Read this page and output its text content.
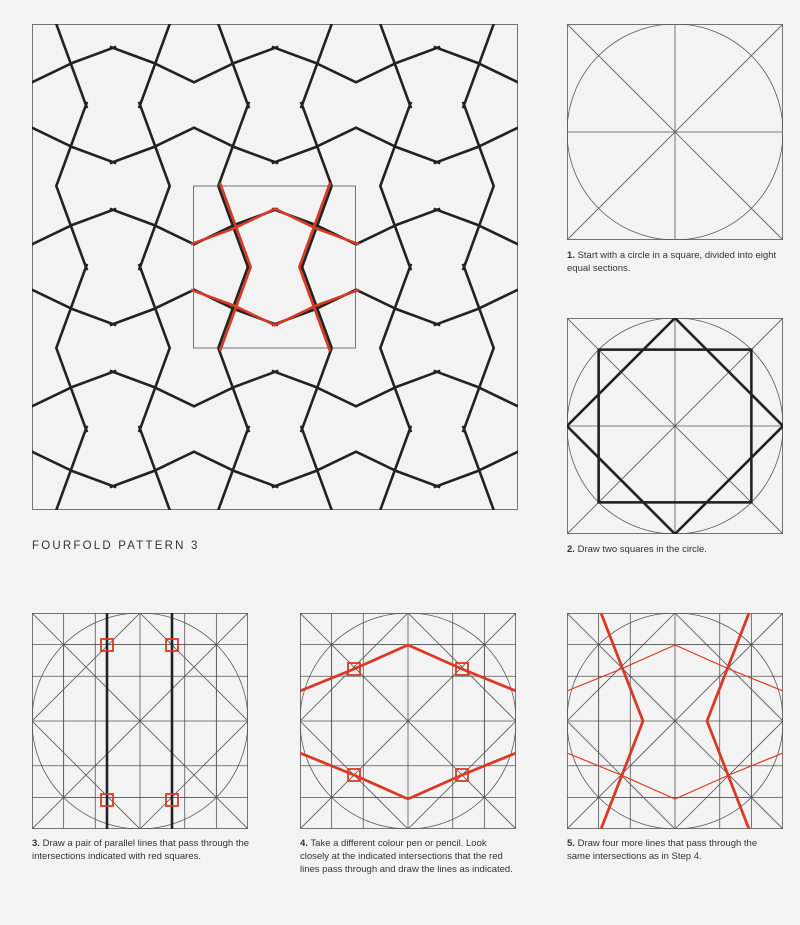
FOURFOLD PATTERN 3
1. Start with a circle in a square, divided into eight equal sections.
2. Draw two squares in the circle.
3. Draw a pair of parallel lines that pass through the intersections indicated with red squares.
4. Take a different colour pen or pencil. Look closely at the indicated intersections that the red lines pass through and draw the lines as indicated.
5. Draw four more lines that pass through the same intersections as in Step 4.
